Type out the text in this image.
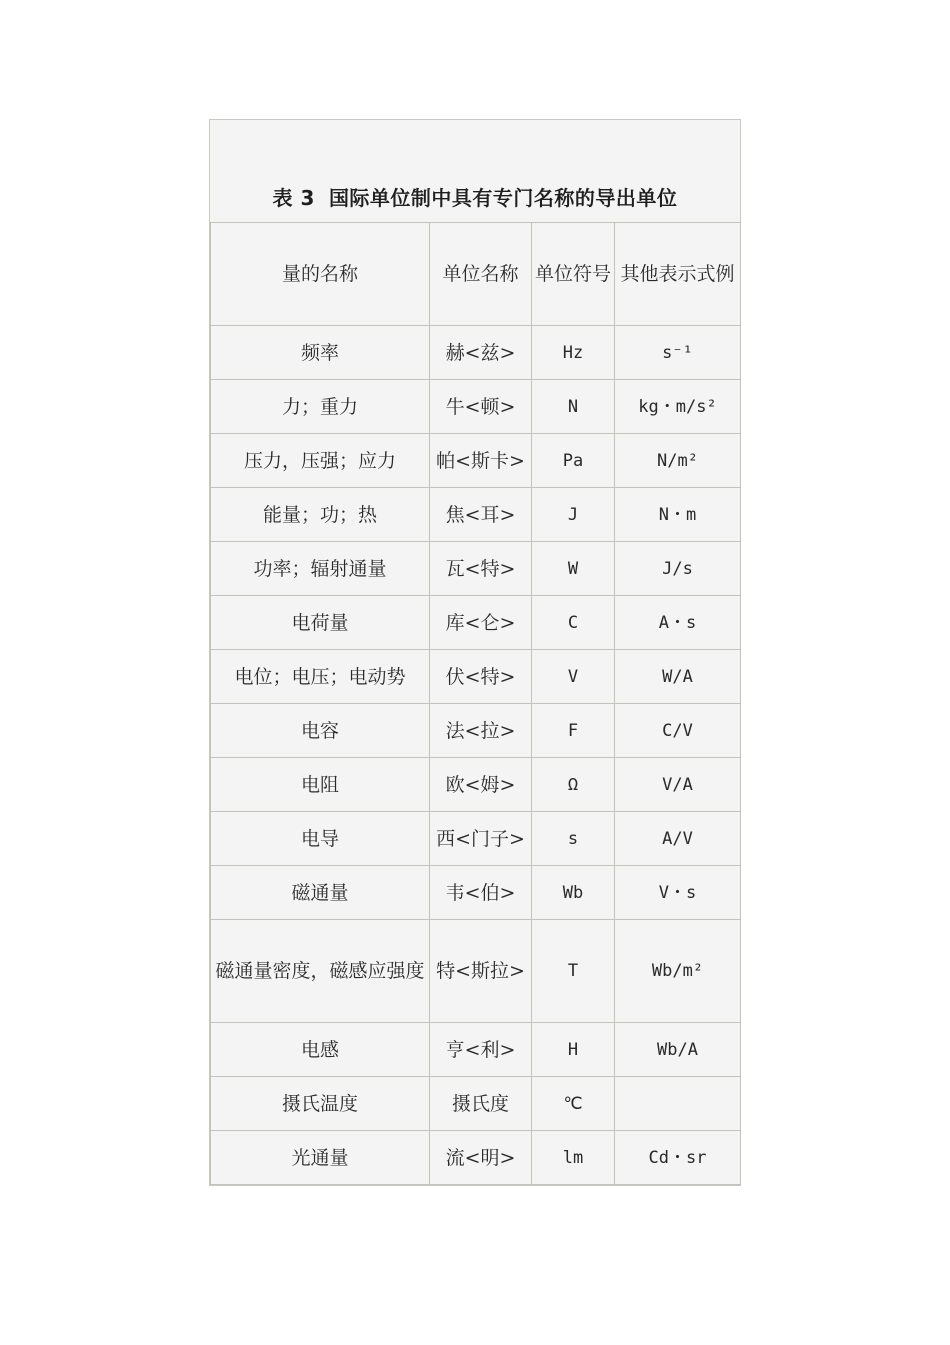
表 3 国际单位制中具有专门名称的导出单位
量的名称	单位名称	单位符号	其他表示式例
频率	赫<兹>	Hz	s⁻¹
力；重力	牛<顿>	N	kg・m/s²
压力，压强；应力	帕<斯卡>	Pa	N/m²
能量；功；热	焦<耳>	J	N・m
功率；辐射通量	瓦<特>	W	J/s
电荷量	库<仑>	C	A・s
电位；电压；电动势	伏<特>	V	W/A
电容	法<拉>	F	C/V
电阻	欧<姆>	Ω	V/A
电导	西<门子>	s	A/V
磁通量	韦<伯>	Wb	V・s
磁通量密度，磁感应强度	特<斯拉>	T	Wb/m²
电感	亨<利>	H	Wb/A
摄氏温度	摄氏度	℃	
光通量	流<明>	lm	Cd・sr
